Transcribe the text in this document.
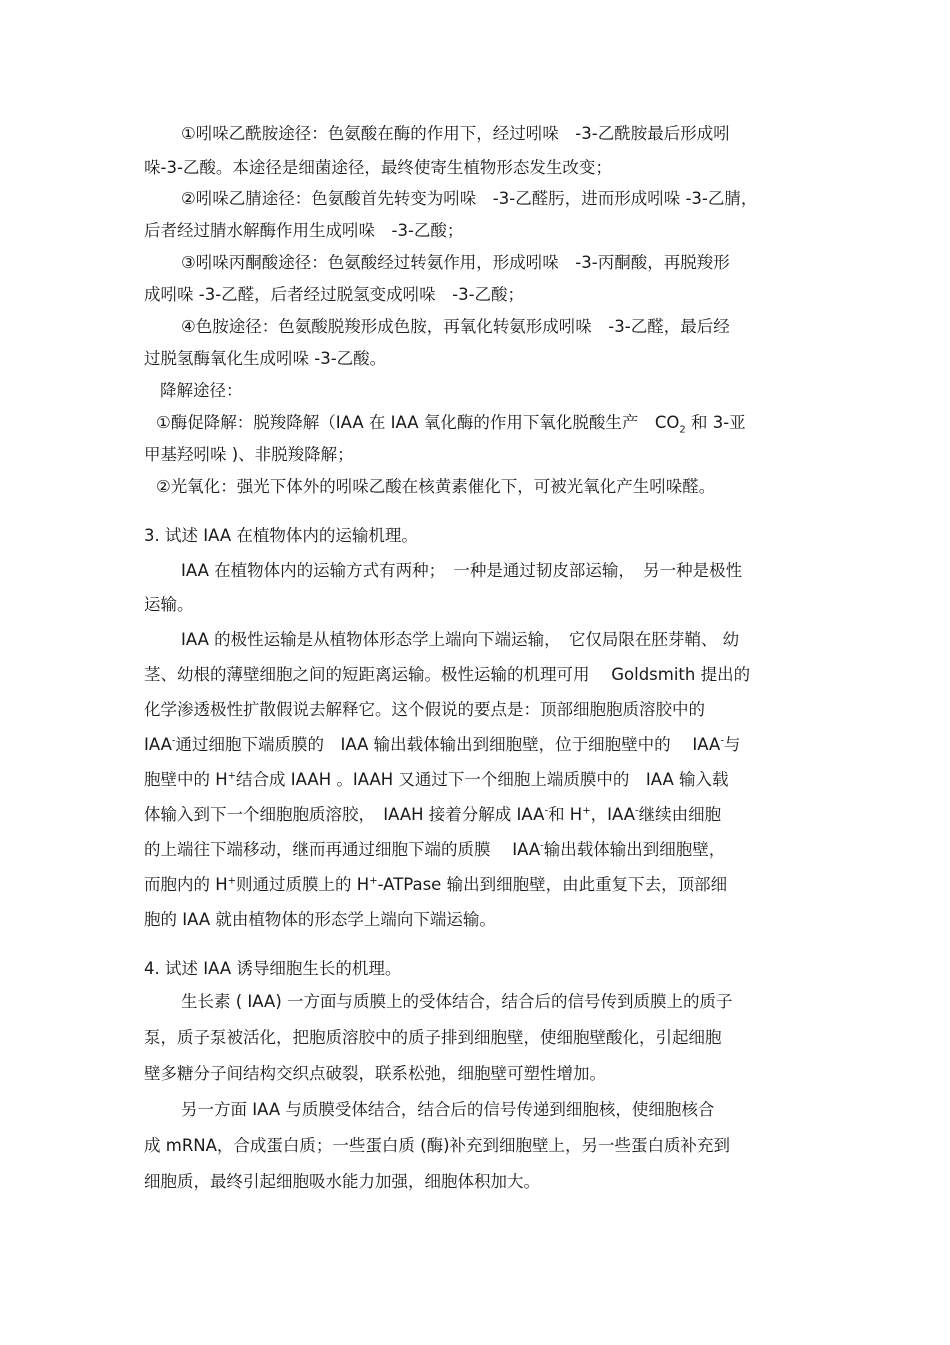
①吲哚乙酰胺途径：色氨酸在酶的作用下，经过吲哚　-3-乙酰胺最后形成吲
哚-3-乙酸。本途径是细菌途径，最终使寄生植物形态发生改变；
②吲哚乙腈途径：色氨酸首先转变为吲哚　-3-乙醛肟，进而形成吲哚 -3-乙腈，
后者经过腈水解酶作用生成吲哚　-3-乙酸；
③吲哚丙酮酸途径：色氨酸经过转氨作用，形成吲哚　-3-丙酮酸，再脱羧形
成吲哚 -3-乙醛，后者经过脱氢变成吲哚　-3-乙酸；
④色胺途径：色氨酸脱羧形成色胺，再氧化转氨形成吲哚　-3-乙醛，最后经
过脱氢酶氧化生成吲哚 -3-乙酸。
降解途径：
①酶促降解：脱羧降解（IAA 在 IAA 氧化酶的作用下氧化脱酸生产　$CO_2$ 和 3-亚
甲基羟吲哚 )、非脱羧降解；
②光氧化：强光下体外的吲哚乙酸在核黄素催化下，可被光氧化产生吲哚醛。
3. 试述 IAA 在植物体内的运输机理。
IAA 在植物体内的运输方式有两种；　一种是通过韧皮部运输，　另一种是极性
运输。
IAA 的极性运输是从植物体形态学上端向下端运输，　它仅局限在胚芽鞘、 幼
茎、幼根的薄壁细胞之间的短距离运输。极性运输的机理可用　 Goldsmith 提出的
化学渗透极性扩散假说去解释它。这个假说的要点是：顶部细胞胞质溶胶中的
IAA-通过细胞下端质膜的　IAA 输出载体输出到细胞壁，位于细胞壁中的　 IAA-与
胞壁中的 H+结合成 IAAH 。IAAH 又通过下一个细胞上端质膜中的　IAA 输入载
体输入到下一个细胞胞质溶胶，　IAAH 接着分解成 IAA-和 H+，IAA-继续由细胞
的上端往下端移动，继而再通过细胞下端的质膜　 IAA-输出载体输出到细胞壁，
而胞内的 H+则通过质膜上的 H+-ATPase 输出到细胞壁，由此重复下去，顶部细
胞的 IAA 就由植物体的形态学上端向下端运输。
4. 试述 IAA 诱导细胞生长的机理。
生长素 ( IAA) 一方面与质膜上的受体结合，结合后的信号传到质膜上的质子
泵，质子泵被活化，把胞质溶胶中的质子排到细胞壁，使细胞壁酸化，引起细胞
壁多糖分子间结构交织点破裂，联系松弛，细胞壁可塑性增加。
另一方面 IAA 与质膜受体结合，结合后的信号传递到细胞核，使细胞核合
成 mRNA，合成蛋白质；一些蛋白质 (酶)补充到细胞壁上，另一些蛋白质补充到
细胞质，最终引起细胞吸水能力加强，细胞体积加大。
